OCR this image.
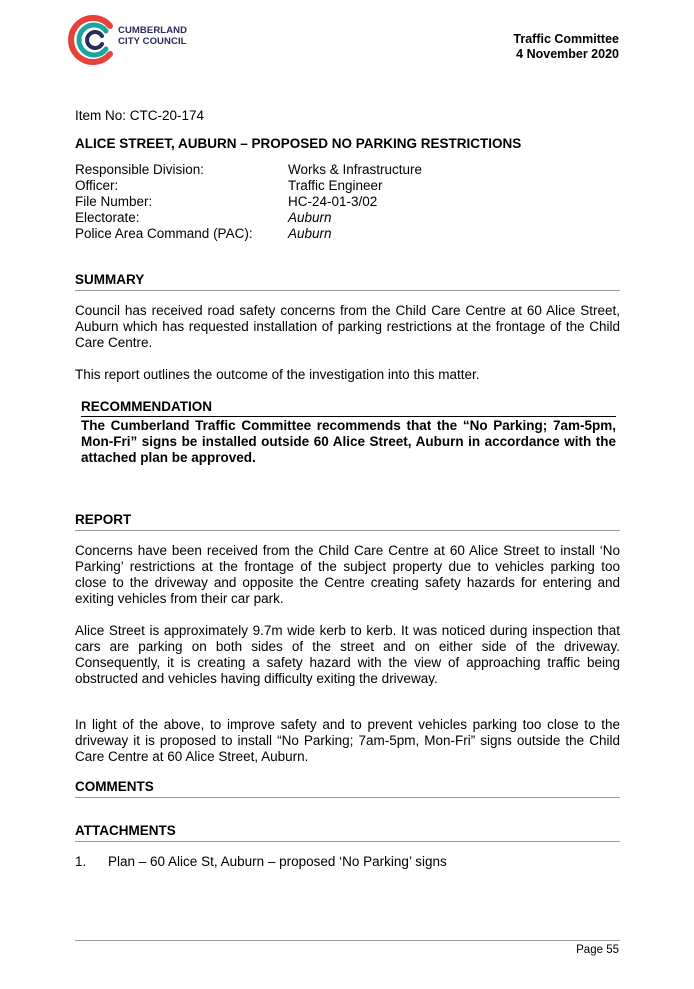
CUMBERLAND
CITY COUNCIL	Traffic Committee
4 November 2020
Item No: CTC-20-174
ALICE STREET, AUBURN – PROPOSED NO PARKING RESTRICTIONS
Responsible Division:	Works & Infrastructure
Officer:	Traffic Engineer
File Number:	HC-24-01-3/02
Electorate:	Auburn
Police Area Command (PAC):	Auburn
SUMMARY

Council has received road safety concerns from the Child Care Centre at 60 Alice Street, Auburn which has requested installation of parking restrictions at the frontage of the Child Care Centre.

This report outlines the outcome of the investigation into this matter.

RECOMMENDATION
The Cumberland Traffic Committee recommends that the “No Parking; 7am-5pm, Mon-Fri” signs be installed outside 60 Alice Street, Auburn in accordance with the attached plan be approved.
REPORT

Concerns have been received from the Child Care Centre at 60 Alice Street to install ‘No Parking’ restrictions at the frontage of the subject property due to vehicles parking too close to the driveway and opposite the Centre creating safety hazards for entering and exiting vehicles from their car park.

Alice Street is approximately 9.7m wide kerb to kerb. It was noticed during inspection that cars are parking on both sides of the street and on either side of the driveway. Consequently, it is creating a safety hazard with the view of approaching traffic being obstructed and vehicles having difficulty exiting the driveway.

In light of the above, to improve safety and to prevent vehicles parking too close to the driveway it is proposed to install “No Parking; 7am-5pm, Mon-Fri” signs outside the Child Care Centre at 60 Alice Street, Auburn.

COMMENTS
ATTACHMENTS
1.	Plan – 60 Alice St, Auburn – proposed ‘No Parking’ signs
Page 55
